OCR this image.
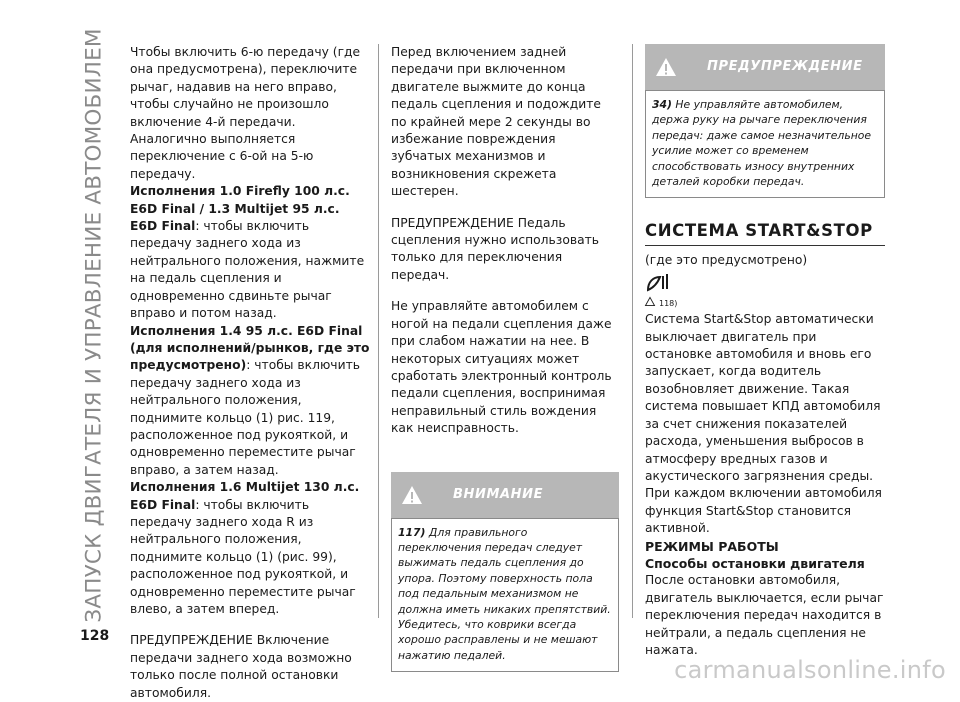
ЗАПУСК ДВИГАТЕЛЯ И УПРАВЛЕНИЕ АВТОМОБИЛЕМ Чтобы включить 6-ю передачу (где она предусмотрена), переключите рычаг, надавив на него вправо, чтобы случайно не произошло включение 4-й передачи. Аналогично выполняется переключение с 6-ой на 5-ю передачу.

Исполнения 1.0 Firefly 100 л.с. E6D Final / 1.3 Multijet 95 л.с. E6D Final: чтобы включить передачу заднего хода из нейтрального положения, нажмите на педаль сцепления и одновременно сдвиньте рычаг вправо и потом назад.

Исполнения 1.4 95 л.с. E6D Final (для исполнений/рынков, где это предусмотрено): чтобы включить передачу заднего хода из нейтрального положения, поднимите кольцо (1) рис. 119, расположенное под рукояткой, и одновременно переместите рычаг вправо, а затем назад.

Исполнения 1.6 Multijet 130 л.с. E6D Final: чтобы включить передачу заднего хода R из нейтрального положения, поднимите кольцо (1) (рис. 99), расположенное под рукояткой, и одновременно переместите рычаг влево, а затем вперед.

ПРЕДУПРЕЖДЕНИЕ Включение передачи заднего хода возможно только после полной остановки автомобиля.

Перед включением задней передачи при включенном двигателе выжмите до конца педаль сцепления и подождите по крайней мере 2 секунды во избежание повреждения зубчатых механизмов и возникновения скрежета шестерен.

ПРЕДУПРЕЖДЕНИЕ Педаль сцепления нужно использовать только для переключения передач.

Не управляйте автомобилем с ногой на педали сцепления даже при слабом нажатии на нее. В некоторых ситуациях может сработать электронный контроль педали сцепления, воспринимая неправильный стиль вождения как неисправность.

ВНИМАНИЕ
117) Для правильного переключения передач следует выжимать педаль сцепления до упора. Поэтому поверхность пола под педальным механизмом не должна иметь никаких препятствий. Убедитесь, что коврики всегда хорошо расправлены и не мешают нажатию педалей.
ПРЕДУПРЕЖДЕНИЕ
34) Не управляйте автомобилем, держа руку на рычаге переключения передач: даже самое незначительное усилие может со временем способствовать износу внутренних деталей коробки передач.
СИСТЕМА START&STOP

(где это предусмотрено)

118)

Система Start&Stop автоматически выключает двигатель при остановке автомобиля и вновь его запускает, когда водитель возобновляет движение. Такая система повышает КПД автомобиля за счет снижения показателей расхода, уменьшения выбросов в атмосферу вредных газов и акустического загрязнения среды.

При каждом включении автомобиля функция Start&Stop становится активной.

РЕЖИМЫ РАБОТЫ

Способы остановки двигателя

После остановки автомобиля, двигатель выключается, если рычаг переключения передач находится в нейтрали, а педаль сцепления не нажата.

128
carmanualsonline.info
